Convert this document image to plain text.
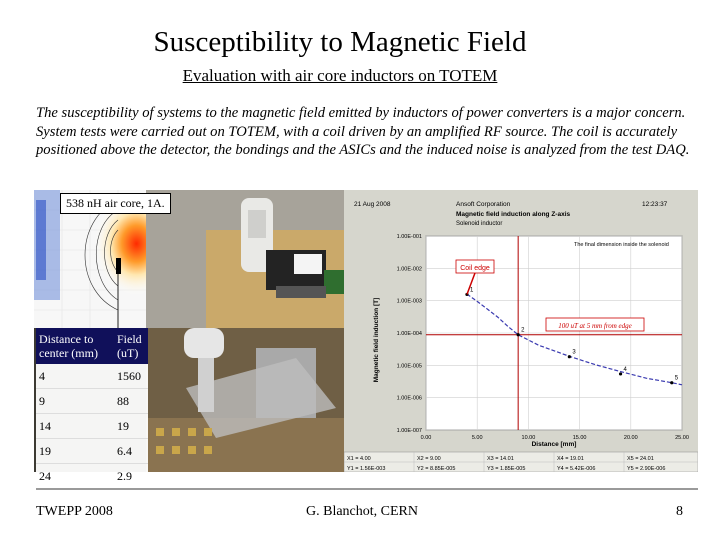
Susceptibility to Magnetic Field
Evaluation with air core inductors on TOTEM
The susceptibility of systems to the magnetic field emitted by inductors of power converters is a major concern. System tests were carried out on TOTEM, with a coil driven by an amplified RF source. The coil is accurately positioned above the detector, the bondings and the ASICs and the induced noise is analyzed from the test DAQ.
538 nH air core, 1A.
Distance to center (mm)	Field (uT)
4	1560
9	88
14	19
19	6.4
24	2.9
21 Aug 2008	Ansoft Corporation	12:23:37
Magnetic field induction along Z-axis
Solenoid inductor
1.00E-001
1.00E-002
1.00E-003
1.00E-004
1.00E-005
1.00E-006
1.00E-007
0.00	5.00	10.00	15.00	20.00	25.00
The final dimension inside the solenoid
Magnetic field induction [T]
Distance [mm]
1
2
3
4
5
Coil edge
100 uT at 5 mm from edge
X1 = 4.00	X2 = 9.00	X3 = 14.01	X4 = 19.01	X5 = 24.01
Y1 = 1.56E-003	Y2 = 8.85E-005	Y3 = 1.85E-005	Y4 = 5.42E-006	Y5 = 2.90E-006
TWEPP 2008	G. Blanchot, CERN	8
